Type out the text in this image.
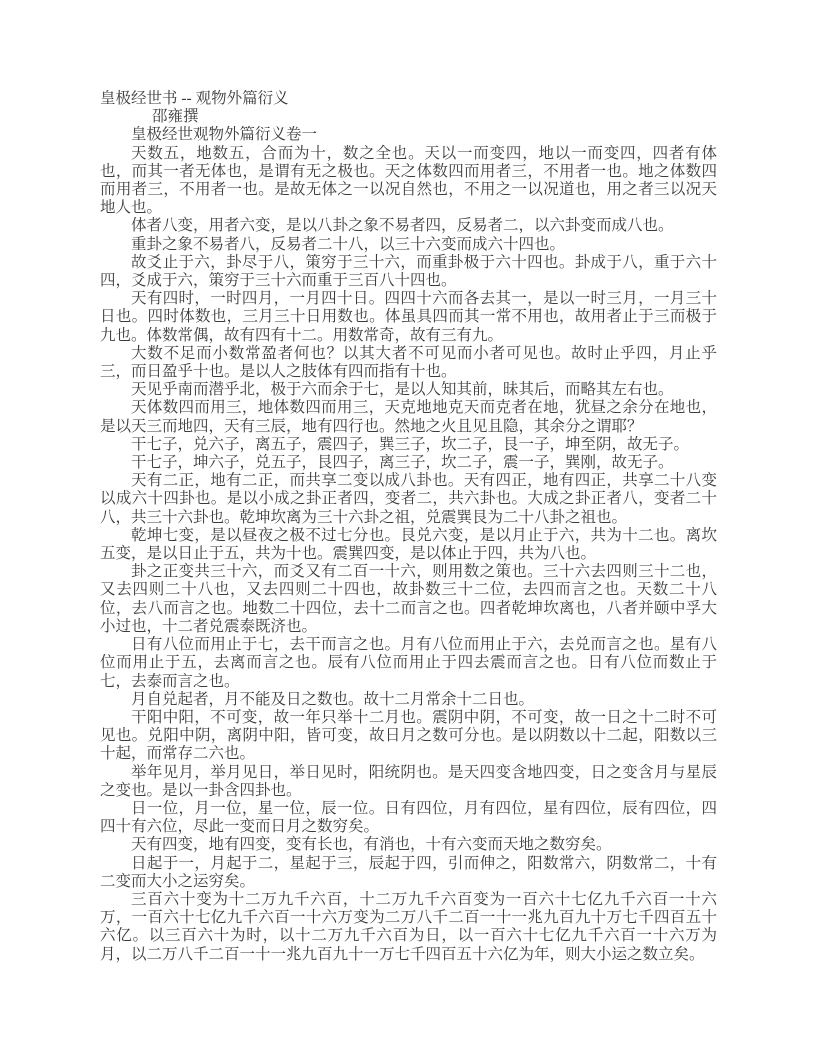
皇极经世书 -- 观物外篇衍义

邵雍撰

皇极经世观物外篇衍义卷一

天数五，地数五，合而为十，数之全也。天以一而变四，地以一而变四，四者有体也，而其一者无体也，是谓有无之极也。天之体数四而用者三，不用者一也。地之体数四而用者三，不用者一也。是故无体之一以况自然也，不用之一以况道也，用之者三以况天地人也。

体者八变，用者六变，是以八卦之象不易者四，反易者二，以六卦变而成八也。

重卦之象不易者八，反易者二十八，以三十六变而成六十四也。

故爻止于六，卦尽于八，策穷于三十六，而重卦极于六十四也。卦成于八，重于六十四，爻成于六，策穷于三十六而重于三百八十四也。

天有四时，一时四月，一月四十日。四四十六而各去其一，是以一时三月，一月三十日也。四时体数也，三月三十日用数也。体虽具四而其一常不用也，故用者止于三而极于九也。体数常偶，故有四有十二。用数常奇，故有三有九。

大数不足而小数常盈者何也？以其大者不可见而小者可见也。故时止乎四，月止乎三，而日盈乎十也。是以人之肢体有四而指有十也。

天见乎南而潜乎北，极于六而余于七，是以人知其前，昧其后，而略其左右也。

天体数四而用三，地体数四而用三，天克地地克天而克者在地，犹昼之余分在地也，是以天三而地四，天有三辰，地有四行也。然地之火且见且隐，其余分之谓耶？

干七子，兑六子，离五子，震四子，巽三子，坎二子，艮一子，坤至阴，故无子。

干七子，坤六子，兑五子，艮四子，离三子，坎二子，震一子，巽刚，故无子。

天有二正，地有二正，而共享二变以成八卦也。天有四正，地有四正，共享二十八变以成六十四卦也。是以小成之卦正者四，变者二，共六卦也。大成之卦正者八，变者二十八，共三十六卦也。乾坤坎离为三十六卦之祖，兑震巽艮为二十八卦之祖也。

乾坤七变，是以昼夜之极不过七分也。艮兑六变，是以月止于六，共为十二也。离坎五变，是以日止于五，共为十也。震巽四变，是以体止于四，共为八也。

卦之正变共三十六，而爻又有二百一十六，则用数之策也。三十六去四则三十二也，又去四则二十八也，又去四则二十四也，故卦数三十二位，去四而言之也。天数二十八位，去八而言之也。地数二十四位，去十二而言之也。四者乾坤坎离也，八者并颐中孚大小过也，十二者兑震泰既济也。

日有八位而用止于七，去干而言之也。月有八位而用止于六，去兑而言之也。星有八位而用止于五，去离而言之也。辰有八位而用止于四去震而言之也。日有八位而数止于七，去泰而言之也。

月自兑起者，月不能及日之数也。故十二月常余十二日也。

干阳中阳，不可变，故一年只举十二月也。震阴中阴，不可变，故一日之十二时不可见也。兑阳中阴，离阴中阳，皆可变，故日月之数可分也。是以阴数以十二起，阳数以三十起，而常存二六也。

举年见月，举月见日，举日见时，阳统阴也。是天四变含地四变，日之变含月与星辰之变也。是以一卦含四卦也。

日一位，月一位，星一位，辰一位。日有四位，月有四位，星有四位，辰有四位，四四十有六位，尽此一变而日月之数穷矣。

天有四变，地有四变，变有长也，有消也，十有六变而天地之数穷矣。

日起于一，月起于二，星起于三，辰起于四，引而伸之，阳数常六，阴数常二，十有二变而大小之运穷矣。

三百六十变为十二万九千六百，十二万九千六百变为一百六十七亿九千六百一十六万，一百六十七亿九千六百一十六万变为二万八千二百一十一兆九百九十万七千四百五十六亿。以三百六十为时，以十二万九千六百为日，以一百六十七亿九千六百一十六万为月，以二万八千二百一十一兆九百九十一万七千四百五十六亿为年，则大小运之数立矣。
